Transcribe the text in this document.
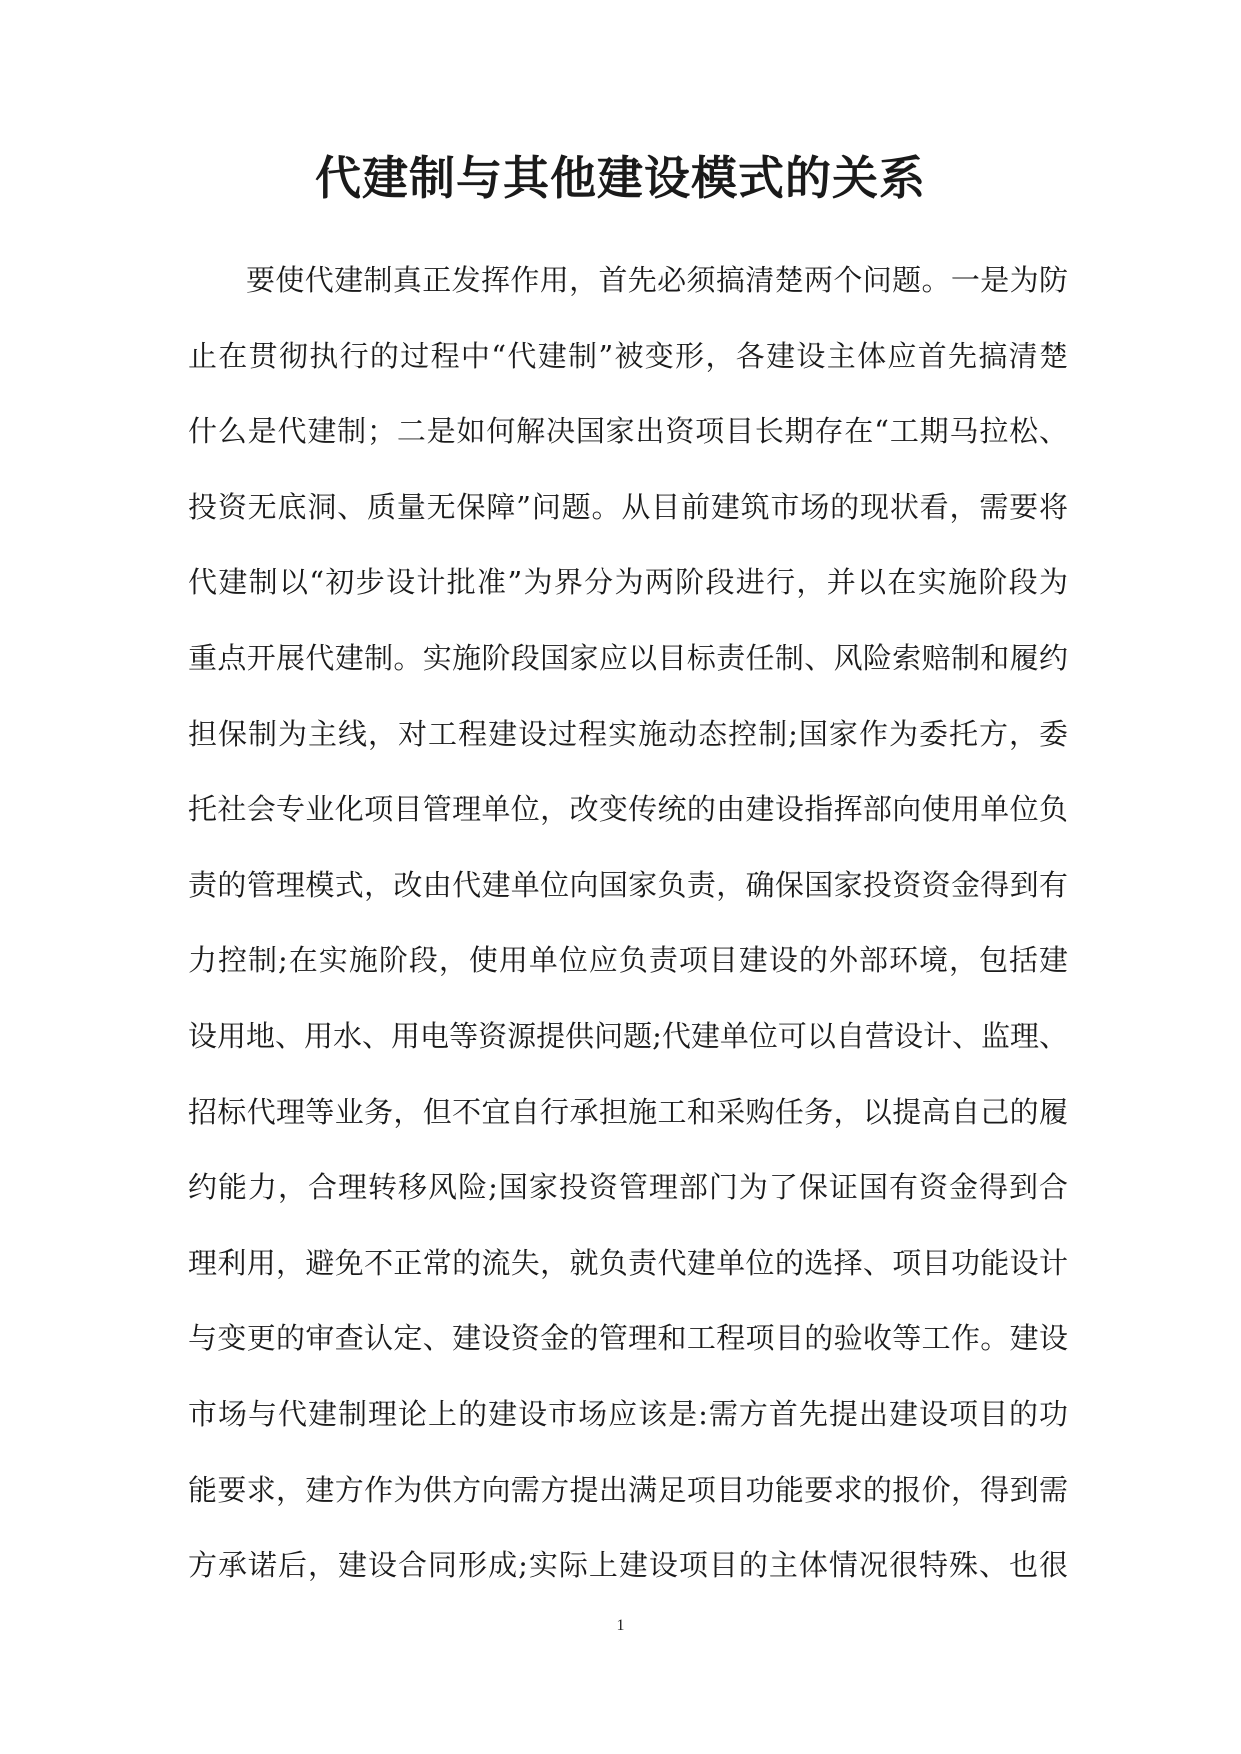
代建制与其他建设模式的关系
要使代建制真正发挥作用，首先必须搞清楚两个问题。一是为防
止在贯彻执行的过程中“代建制”被变形，各建设主体应首先搞清楚
什么是代建制；二是如何解决国家出资项目长期存在“工期马拉松、
投资无底洞、质量无保障”问题。从目前建筑市场的现状看，需要将
代建制以“初步设计批准”为界分为两阶段进行，并以在实施阶段为
重点开展代建制。实施阶段国家应以目标责任制、风险索赔制和履约
担保制为主线，对工程建设过程实施动态控制;国家作为委托方，委
托社会专业化项目管理单位，改变传统的由建设指挥部向使用单位负
责的管理模式，改由代建单位向国家负责，确保国家投资资金得到有
力控制;在实施阶段，使用单位应负责项目建设的外部环境，包括建
设用地、用水、用电等资源提供问题;代建单位可以自营设计、监理、
招标代理等业务，但不宜自行承担施工和采购任务，以提高自己的履
约能力，合理转移风险;国家投资管理部门为了保证国有资金得到合
理利用，避免不正常的流失，就负责代建单位的选择、项目功能设计
与变更的审查认定、建设资金的管理和工程项目的验收等工作。建设
市场与代建制理论上的建设市场应该是:需方首先提出建设项目的功
能要求，建方作为供方向需方提出满足项目功能要求的报价，得到需
方承诺后，建设合同形成;实际上建设项目的主体情况很特殊、也很
1
